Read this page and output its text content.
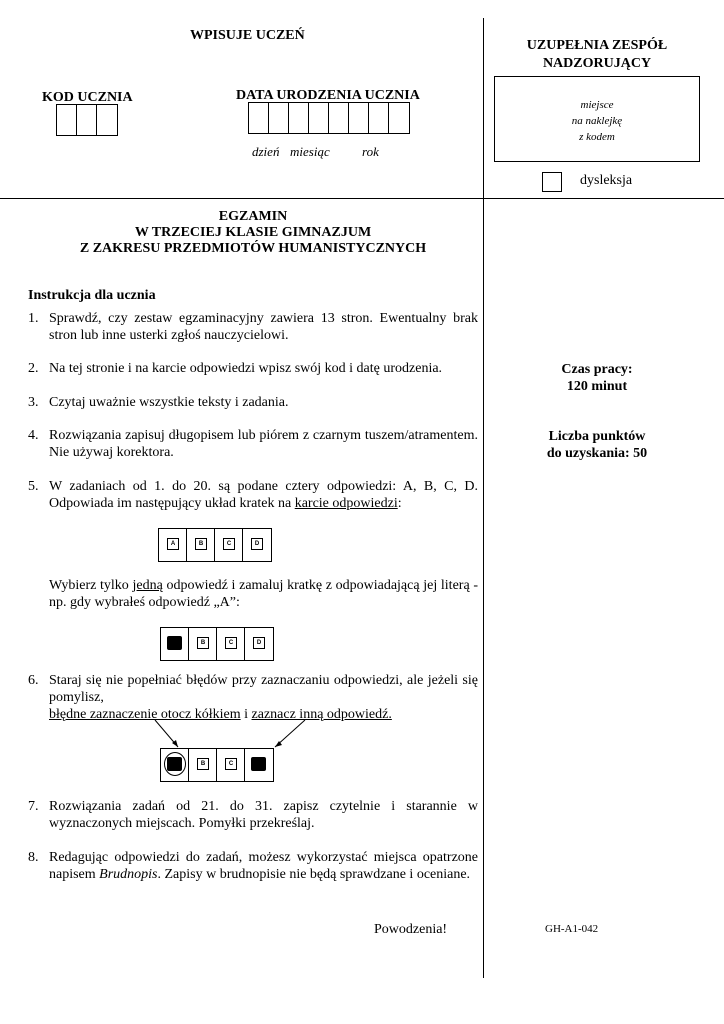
WPISUJE UCZEŃ
KOD UCZNIA	DATA URODZENIA UCZNIA
dzień miesiąc rok
UZUPEŁNIA ZESPÓŁ
NADZORUJĄCY
miejsce
na naklejkę
z kodem
dysleksja
EGZAMIN
W TRZECIEJ KLASIE GIMNAZJUM
Z ZAKRESU PRZEDMIOTÓW HUMANISTYCZNYCH
Instrukcja dla ucznia
1. Sprawdź, czy zestaw egzaminacyjny zawiera 13 stron. Ewentualny brak stron lub inne usterki zgłoś nauczycielowi.
2. Na tej stronie i na karcie odpowiedzi wpisz swój kod i datę urodzenia.
3. Czytaj uważnie wszystkie teksty i zadania.
4. Rozwiązania zapisuj długopisem lub piórem z czarnym tuszem/atramentem. Nie używaj korektora.
5. W zadaniach od 1. do 20. są podane cztery odpowiedzi: A, B, C, D. Odpowiada im następujący układ kratek na karcie odpowiedzi:
A	B	C	D
Wybierz tylko jedną odpowiedź i zamaluj kratkę z odpowiadającą jej literą - np. gdy wybrałeś odpowiedź „A”:
B	C	D
6. Staraj się nie popełniać błędów przy zaznaczaniu odpowiedzi, ale jeżeli się pomylisz,
błędne zaznaczenie otocz kółkiem i zaznacz inną odpowiedź.
B	C
7. Rozwiązania zadań od 21. do 31. zapisz czytelnie i starannie w wyznaczonych miejscach. Pomyłki przekreślaj.
8. Redagując odpowiedzi do zadań, możesz wykorzystać miejsca opatrzone napisem Brudnopis. Zapisy w brudnopisie nie będą sprawdzane i oceniane.
Powodzenia!
Czas pracy:
120 minut
Liczba punktów
do uzyskania: 50
GH-A1-042
